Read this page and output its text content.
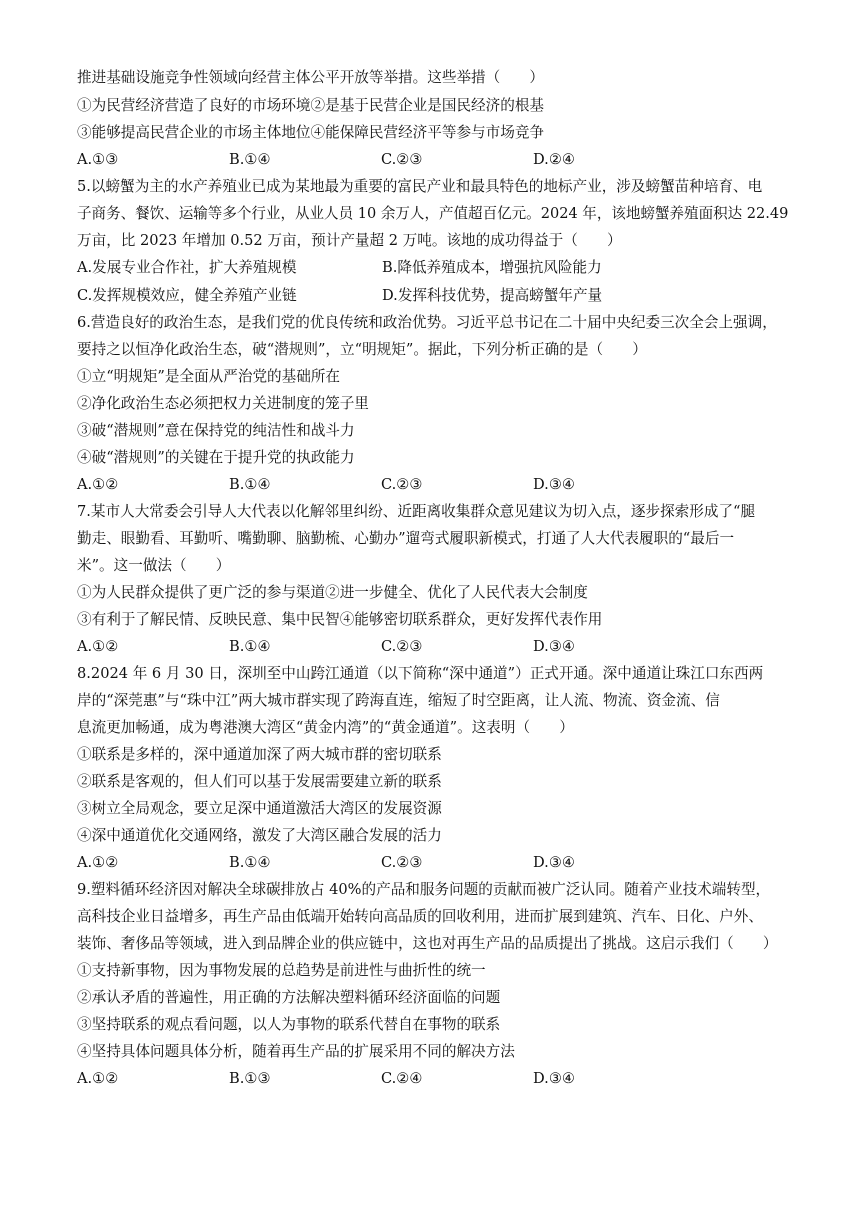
推进基础设施竞争性领域向经营主体公平开放等举措。这些举措（　　）
①为民营经济营造了良好的市场环境②是基于民营企业是国民经济的根基
③能够提高民营企业的市场主体地位④能保障民营经济平等参与市场竞争
A.①③	B.①④	C.②③	D.②④
5.以螃蟹为主的水产养殖业已成为某地最为重要的富民产业和最具特色的地标产业，涉及螃蟹苗种培育、电
子商务、餐饮、运输等多个行业，从业人员 10 余万人，产值超百亿元。2024 年，该地螃蟹养殖面积达 22.49
万亩，比 2023 年增加 0.52 万亩，预计产量超 2 万吨。该地的成功得益于（　　）
A.发展专业合作社，扩大养殖规模	B.降低养殖成本，增强抗风险能力
C.发挥规模效应，健全养殖产业链	D.发挥科技优势，提高螃蟹年产量
6.营造良好的政治生态，是我们党的优良传统和政治优势。习近平总书记在二十届中央纪委三次全会上强调，
要持之以恒净化政治生态，破“潜规则”，立“明规矩”。据此，下列分析正确的是（　　）
①立“明规矩”是全面从严治党的基础所在
②净化政治生态必须把权力关进制度的笼子里
③破“潜规则”意在保持党的纯洁性和战斗力
④破“潜规则”的关键在于提升党的执政能力
A.①②	B.①④	C.②③	D.③④
7.某市人大常委会引导人大代表以化解邻里纠纷、近距离收集群众意见建议为切入点，逐步探索形成了“腿
勤走、眼勤看、耳勤听、嘴勤聊、脑勤梳、心勤办”遛弯式履职新模式，打通了人大代表履职的“最后一
米”。这一做法（　　）
①为人民群众提供了更广泛的参与渠道②进一步健全、优化了人民代表大会制度
③有利于了解民情、反映民意、集中民智④能够密切联系群众，更好发挥代表作用
A.①②	B.①④	C.②③	D.③④
8.2024 年 6 月 30 日，深圳至中山跨江通道（以下简称“深中通道”）正式开通。深中通道让珠江口东西两
岸的“深莞惠”与“珠中江”两大城市群实现了跨海直连，缩短了时空距离，让人流、物流、资金流、信
息流更加畅通，成为粤港澳大湾区“黄金内湾”的“黄金通道”。这表明（　　）
①联系是多样的，深中通道加深了两大城市群的密切联系
②联系是客观的，但人们可以基于发展需要建立新的联系
③树立全局观念，要立足深中通道激活大湾区的发展资源
④深中通道优化交通网络，激发了大湾区融合发展的活力
A.①②	B.①④	C.②③	D.③④
9.塑料循环经济因对解决全球碳排放占 40%的产品和服务问题的贡献而被广泛认同。随着产业技术端转型，
高科技企业日益增多，再生产品由低端开始转向高品质的回收利用，进而扩展到建筑、汽车、日化、户外、
装饰、奢侈品等领域，进入到品牌企业的供应链中，这也对再生产品的品质提出了挑战。这启示我们（　　）
①支持新事物，因为事物发展的总趋势是前进性与曲折性的统一
②承认矛盾的普遍性，用正确的方法解决塑料循环经济面临的问题
③坚持联系的观点看问题，以人为事物的联系代替自在事物的联系
④坚持具体问题具体分析，随着再生产品的扩展采用不同的解决方法
A.①②	B.①③	C.②④	D.③④
